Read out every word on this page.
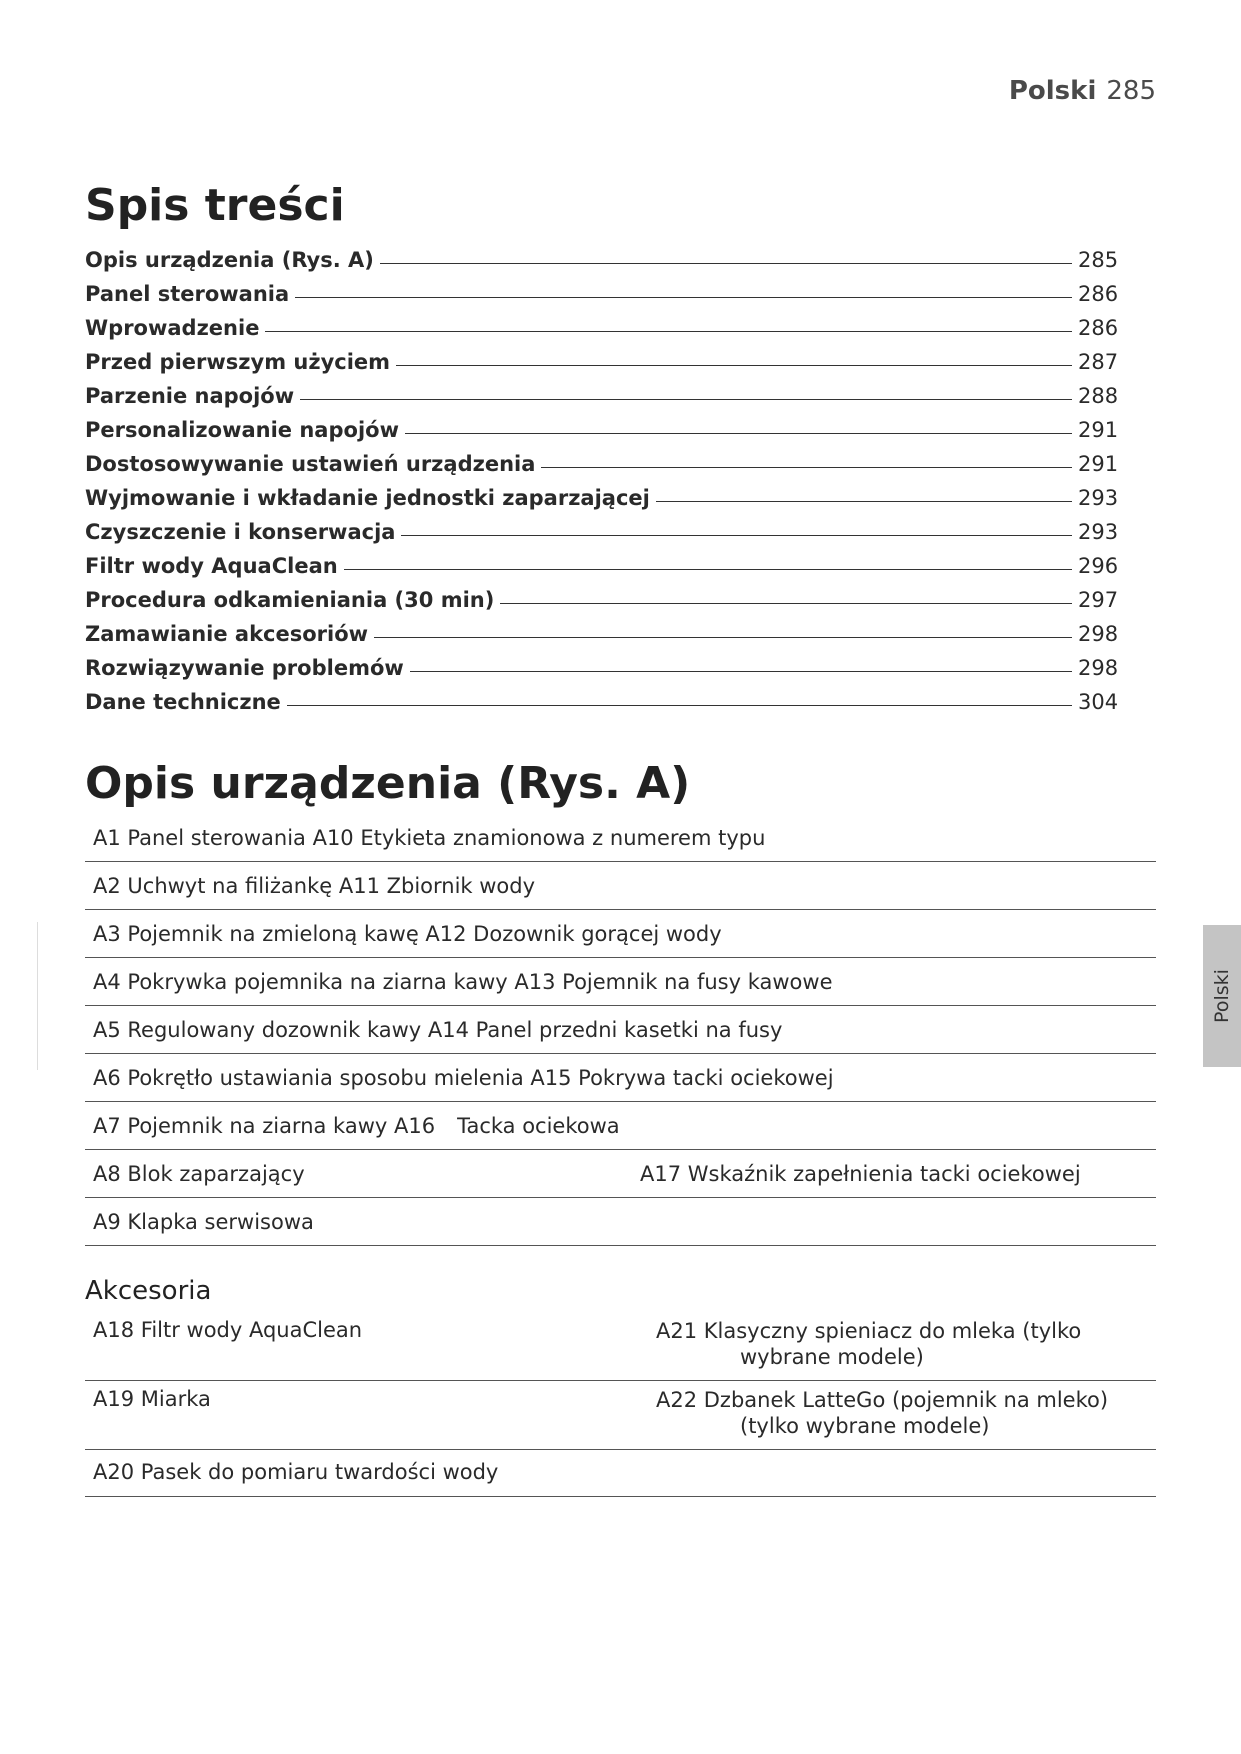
Polski 285
Spis treści
Opis urządzenia (Rys. A)	285
Panel sterowania	286
Wprowadzenie	286
Przed pierwszym użyciem	287
Parzenie napojów	288
Personalizowanie napojów	291
Dostosowywanie ustawień urządzenia	291
Wyjmowanie i wkładanie jednostki zaparzającej	293
Czyszczenie i konserwacja	293
Filtr wody AquaClean	296
Procedura odkamieniania (30 min)	297
Zamawianie akcesoriów	298
Rozwiązywanie problemów	298
Dane techniczne	304
Opis urządzenia (Rys. A)
A1 Panel sterowania A10 Etykieta znamionowa z numerem typu
A2 Uchwyt na filiżankę A11 Zbiornik wody
A3 Pojemnik na zmieloną kawę A12 Dozownik gorącej wody
A4 Pokrywka pojemnika na ziarna kawy A13 Pojemnik na fusy kawowe
A5 Regulowany dozownik kawy A14 Panel przedni kasetki na fusy
A6 Pokrętło ustawiania sposobu mielenia A15 Pokrywa tacki ociekowej
A7 Pojemnik na ziarna kawy A16 Tacka ociekowa
A8 Blok zaparzający	A17 Wskaźnik zapełnienia tacki ociekowej
A9 Klapka serwisowa
Akcesoria
A18 Filtr wody AquaClean	A21 Klasyczny spieniacz do mleka (tylko
wybrane modele)
A19 Miarka	A22 Dzbanek LatteGo (pojemnik na mleko)
(tylko wybrane modele)
A20 Pasek do pomiaru twardości wody
Polski
